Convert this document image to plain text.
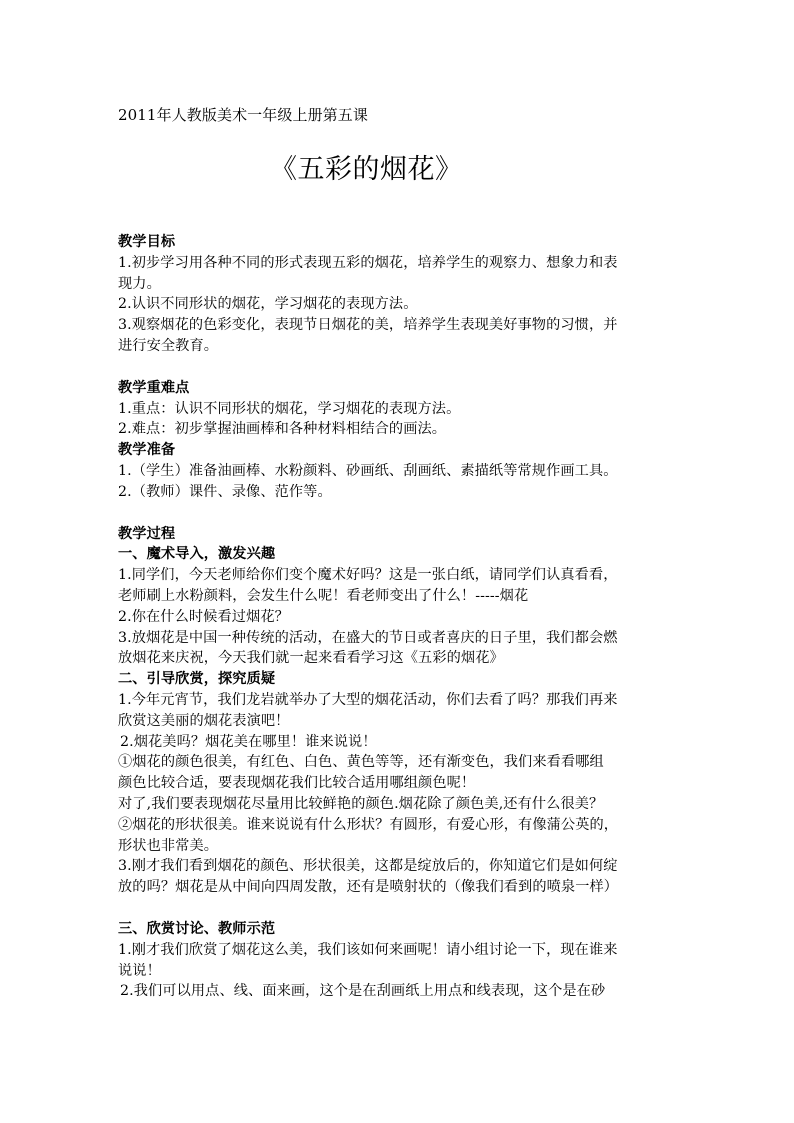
2011年人教版美术一年级上册第五课

《五彩的烟花》

教学目标

1.初步学习用各种不同的形式表现五彩的烟花，培养学生的观察力、想象力和表

现力。

2.认识不同形状的烟花，学习烟花的表现方法。

3.观察烟花的色彩变化，表现节日烟花的美，培养学生表现美好事物的习惯，并

进行安全教育。

教学重难点

1.重点：认识不同形状的烟花，学习烟花的表现方法。

2.难点：初步掌握油画棒和各种材料相结合的画法。

教学准备

1.（学生）准备油画棒、水粉颜料、砂画纸、刮画纸、素描纸等常规作画工具。

2.（教师）课件、录像、范作等。

教学过程

一、魔术导入，激发兴趣

1.同学们，今天老师给你们变个魔术好吗？这是一张白纸，请同学们认真看看，

老师刷上水粉颜料，会发生什么呢！看老师变出了什么！-----烟花

2.你在什么时候看过烟花？

3.放烟花是中国一种传统的活动，在盛大的节日或者喜庆的日子里，我们都会燃

放烟花来庆祝，今天我们就一起来看看学习这《五彩的烟花》

二、引导欣赏，探究质疑

1.今年元宵节，我们龙岩就举办了大型的烟花活动，你们去看了吗？那我们再来

欣赏这美丽的烟花表演吧！

2.烟花美吗？烟花美在哪里！谁来说说！

①烟花的颜色很美，有红色、白色、黄色等等，还有渐变色，我们来看看哪组

颜色比较合适，要表现烟花我们比较合适用哪组颜色呢！

对了,我们要表现烟花尽量用比较鲜艳的颜色.烟花除了颜色美,还有什么很美？

②烟花的形状很美。谁来说说有什么形状？有圆形，有爱心形，有像蒲公英的，

形状也非常美。

3.刚才我们看到烟花的颜色、形状很美，这都是绽放后的，你知道它们是如何绽

放的吗？烟花是从中间向四周发散，还有是喷射状的（像我们看到的喷泉一样）

三、欣赏讨论、教师示范

1.刚才我们欣赏了烟花这么美，我们该如何来画呢！请小组讨论一下，现在谁来

说说！

2.我们可以用点、线、面来画，这个是在刮画纸上用点和线表现，这个是在砂
